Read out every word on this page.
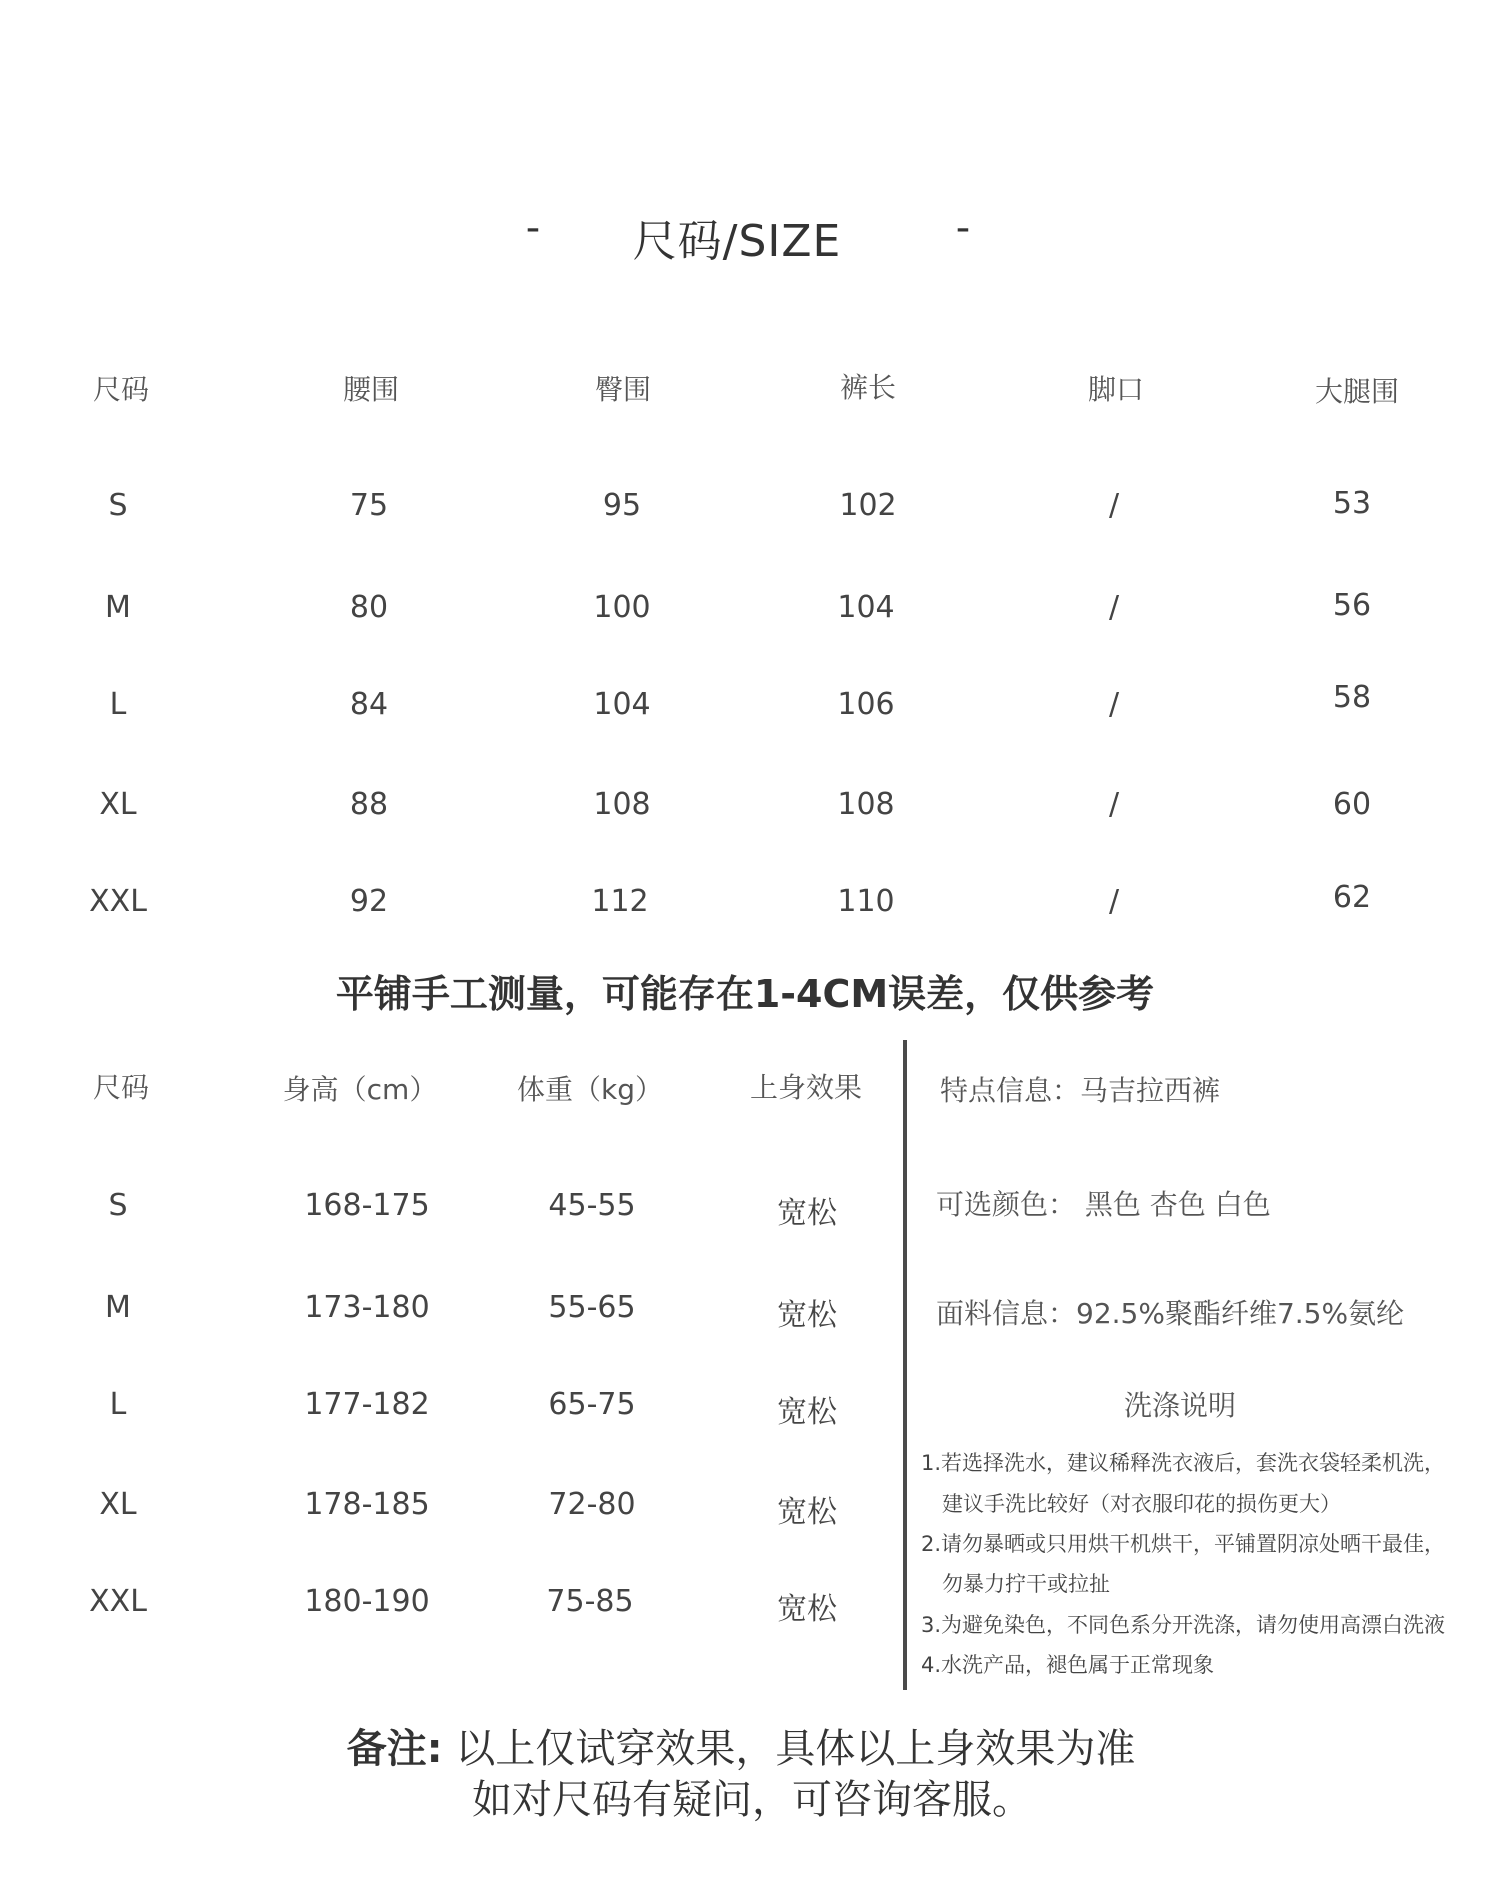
- 尺码/SIZE	-
尺码	腰围	臀围	裤长	脚口	大腿围
S	75	95	102	/	53
M	80	100	104	/	56
L	84	104	106	/	58
XL	88	108	108	/	60
XXL	92	112	110	/	62
平铺手工测量，可能存在1-4CM误差，仅供参考
尺码	身高（cm）	体重（kg）	上身效果
S	168-175	45-55	宽松
M	173-180	55-65	宽松
L	177-182	65-75	宽松
XL	178-185	72-80	宽松
XXL	180-190	75-85	宽松
特点信息：马吉拉西裤
可选颜色： 黑色 杏色 白色
面料信息：92.5%聚酯纤维7.5%氨纶
洗涤说明
1.若选择洗水，建议稀释洗衣液后，套洗衣袋轻柔机洗，
建议手洗比较好（对衣服印花的损伤更大）
2.请勿暴晒或只用烘干机烘干，平铺置阴凉处晒干最佳，
勿暴力拧干或拉扯
3.为避免染色，不同色系分开洗涤，请勿使用高漂白洗液
4.水洗产品，褪色属于正常现象
备注: 以上仅试穿效果，具体以上身效果为准
如对尺码有疑问，可咨询客服。
